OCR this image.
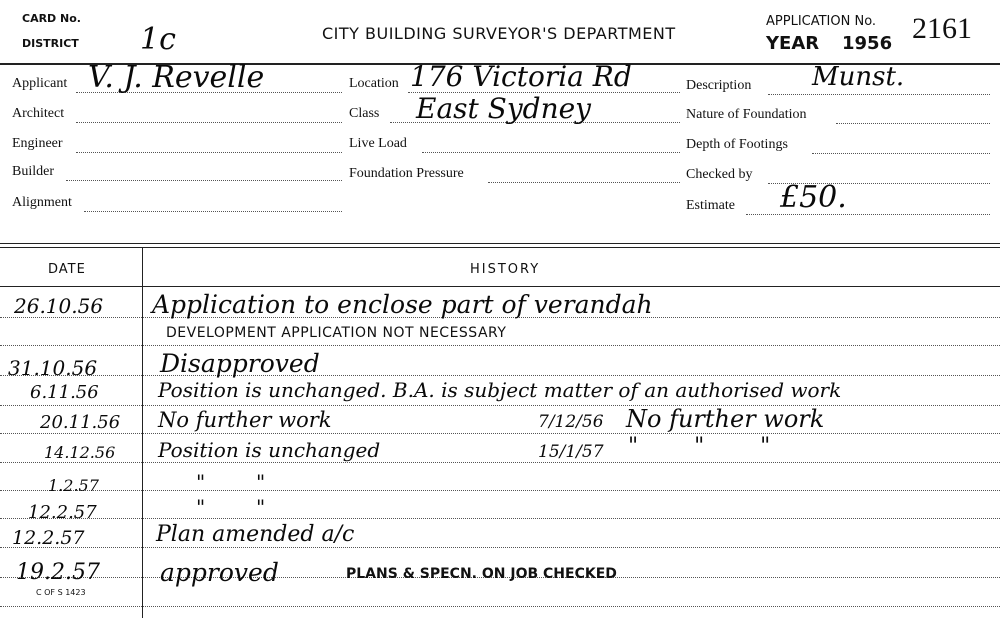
CARD No.
DISTRICT 1c	CITY BUILDING SURVEYOR'S DEPARTMENT
APPLICATION No. 2161
YEAR 1956
Applicant V. J. Revelle
Architect
Engineer
Builder
Alignment
Location 176 Victoria Rd
Class East Sydney
Live Load
Foundation Pressure
Description Munst.
Nature of Foundation
Depth of Footings
Checked by
Estimate £50.
DATE	HISTORY
26.10.56 Application to enclose part of verandah
DEVELOPMENT APPLICATION NOT NECESSARY
31.10.56	Disapproved
6.11.56	Position is unchanged. B.A. is subject matter of an authorised work
20.11.56 No further work	7/12/56 No further work
14.12.56 Position is unchanged	15/1/57 "        "        "
1.2.57	"        "
12.2.57	"        "
12.2.57	Plan amended a/c
19.2.57 approved	PLANS & SPECN. ON JOB CHECKED
C OF S 1423
